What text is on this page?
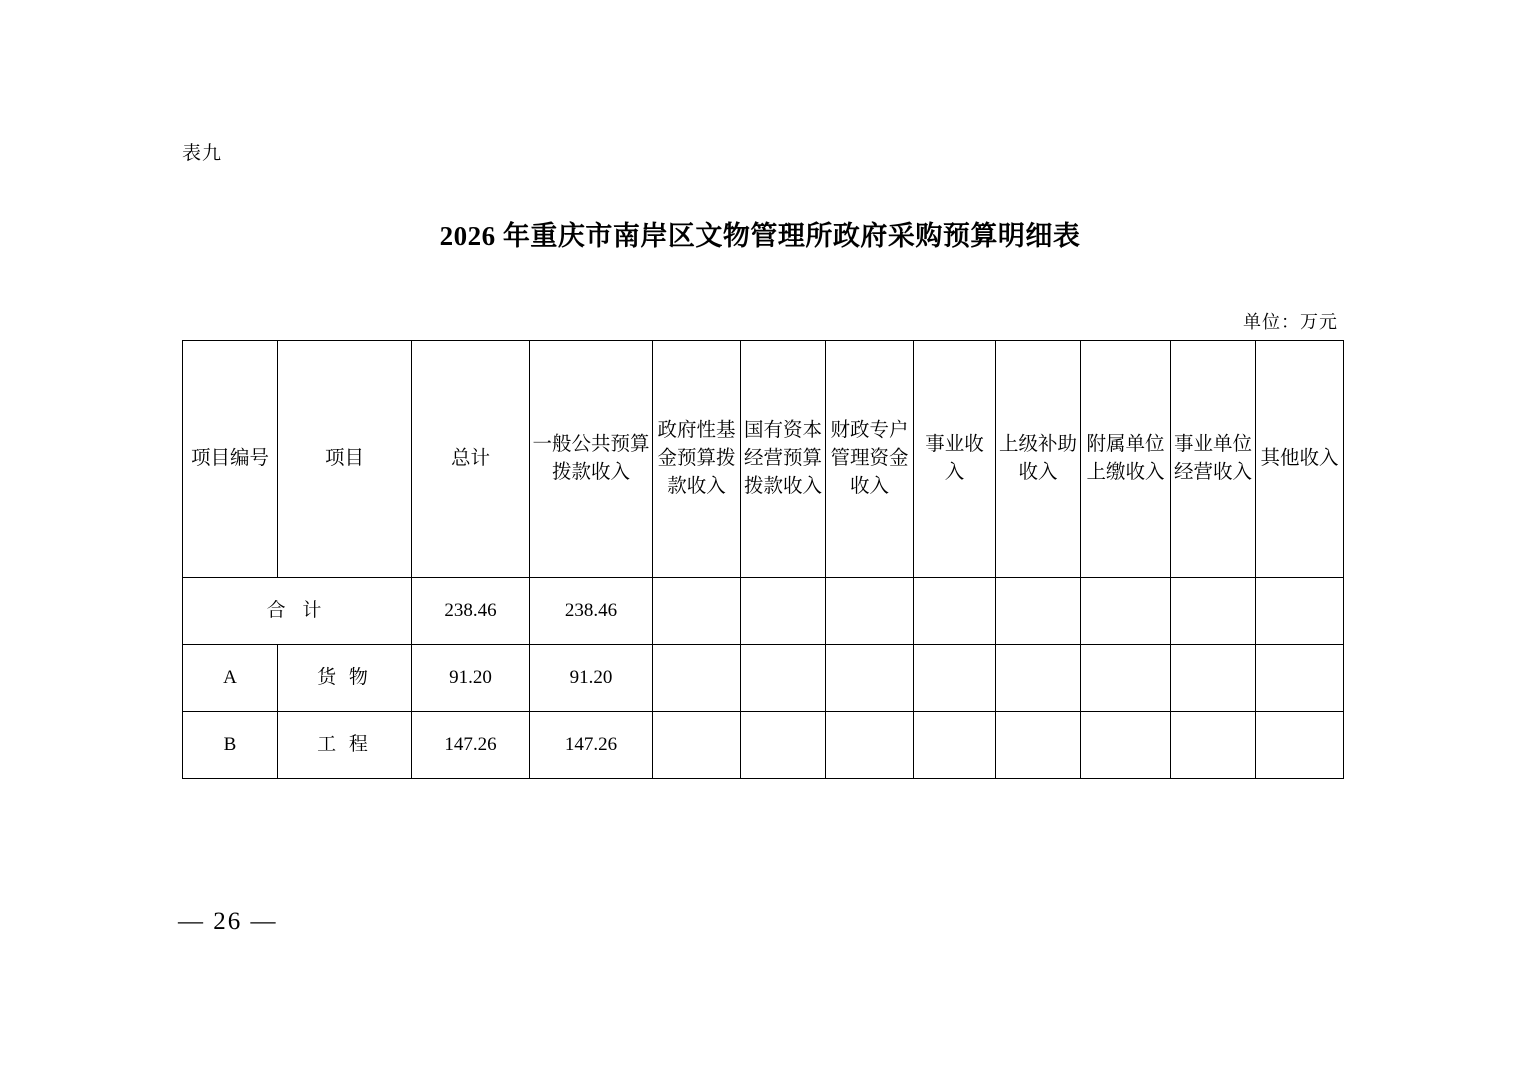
表九
2026 年重庆市南岸区文物管理所政府采购预算明细表
单位：万元
项目编号	项目	总计	一般公共预算拨款收入	政府性基金预算拨款收入	国有资本经营预算拨款收入	财政专户管理资金收入	事业收入	上级补助收入	附属单位上缴收入	事业单位经营收入	其他收入
合 计		238.46	238.46								
A	货 物	91.20	91.20								
B	工 程	147.26	147.26								
— 26 —
